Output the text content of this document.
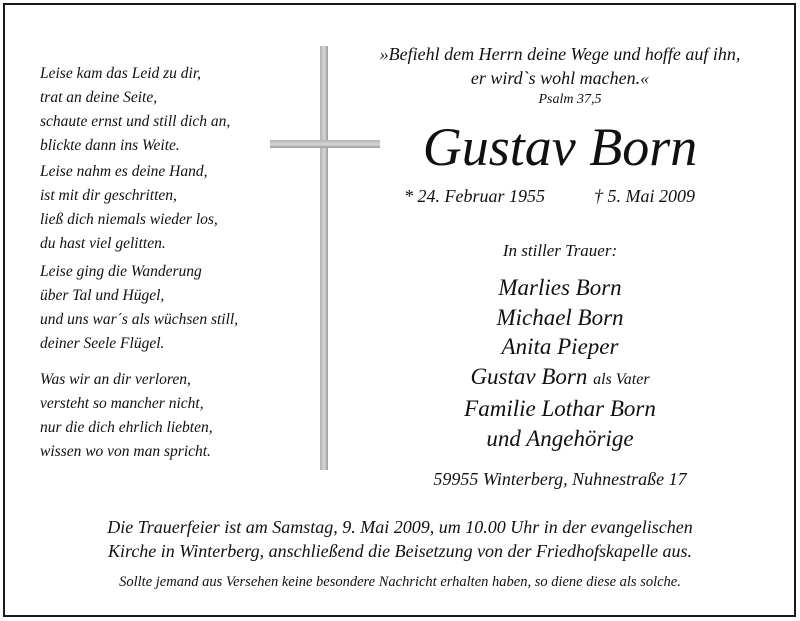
Leise kam das Leid zu dir,
trat an deine Seite,
schaute ernst und still dich an,
blickte dann ins Weite.
Leise nahm es deine Hand,
ist mit dir geschritten,
ließ dich niemals wieder los,
du hast viel gelitten.
Leise ging die Wanderung
über Tal und Hügel,
und uns war´s als wüchsen still,
deiner Seele Flügel.
Was wir an dir verloren,
versteht so mancher nicht,
nur die dich ehrlich liebten,
wissen wo von man spricht.
»Befiehl dem Herrn deine Wege und hoffe auf ihn,
er wird`s wohl machen.«
Psalm 37,5
Gustav Born
* 24. Februar 1955	† 5. Mai 2009
In stiller Trauer:
Marlies Born
Michael Born
Anita Pieper
Gustav Born als Vater
Familie Lothar Born
und Angehörige
59955 Winterberg, Nuhnestraße 17
Die Trauerfeier ist am Samstag, 9. Mai 2009, um 10.00 Uhr in der evangelischen
Kirche in Winterberg, anschließend die Beisetzung von der Friedhofskapelle aus.
Sollte jemand aus Versehen keine besondere Nachricht erhalten haben, so diene diese als solche.
